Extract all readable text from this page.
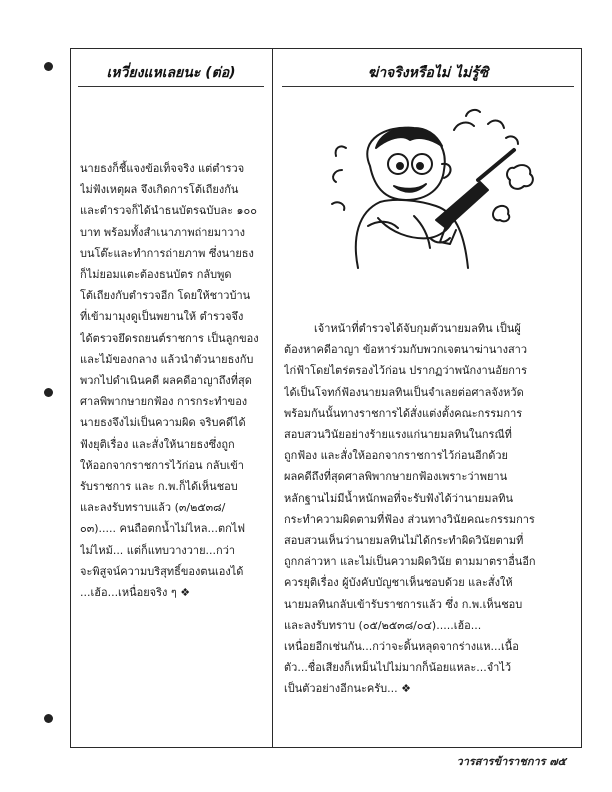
เหวี่ยงแหเลยนะ (ต่อ)	ฆ่าจริงหรือไม่ ไม่รู้ซิ
นายธงก็ชี้แจงข้อเท็จจริง แต่ตำรวจ
ไม่ฟังเหตุผล จึงเกิดการโต้เถียงกัน
และตำรวจก็ได้นำธนบัตรฉบับละ ๑๐๐
บาท พร้อมทั้งสำเนาภาพถ่ายมาวาง
บนโต๊ะและทำการถ่ายภาพ ซึ่งนายธง
ก็ไม่ยอมแตะต้องธนบัตร กลับพูด
โต้เถียงกับตำรวจอีก โดยให้ชาวบ้าน
ที่เข้ามามุงดูเป็นพยานให้ ตำรวจจึง
ได้ตรวจยึดรถยนต์ราชการ เป็นลูกของ
และไม้ของกลาง แล้วนำตัวนายธงกับ
พวกไปดำเนินคดี ผลคดีอาญาถึงที่สุด
ศาลพิพากษายกฟ้อง การกระทำของ
นายธงจึงไม่เป็นความผิด จริบคดีได้
ฟังยุติเรื่อง และสั่งให้นายธงซึ่งถูก
ให้ออกจากราชการไว้ก่อน กลับเข้า
รับราชการ และ ก.พ.ก็ได้เห็นชอบ
และลงรับทราบแล้ว (๓/๒๕๓๘/
๐๓)..... คนถือตกน้ำไม่ไหล...ตกไฟ
ไม่ไหม้... แต่ก็แทบวางวาย...กว่า
จะพิสูจน์ความบริสุทธิ์ของตนเองได้
...เฮ้อ...เหนื่อยจริง ๆ ❖
เจ้าหน้าที่ตำรวจได้จับกุมตัวนายมลทิน เป็นผู้
ต้องหาคดีอาญา ข้อหาร่วมกับพวกเจตนาฆ่านางสาว
ไก่ฟ้าโดยไตร่ตรองไว้ก่อน ปรากฏว่าพนักงานอัยการ
ได้เป็นโจทก์ฟ้องนายมลทินเป็นจำเลยต่อศาลจังหวัด
พร้อมกันนั้นทางราชการได้สั่งแต่งตั้งคณะกรรมการ
สอบสวนวินัยอย่างร้ายแรงแก่นายมลทินในกรณีที่
ถูกฟ้อง และสั่งให้ออกจากราชการไว้ก่อนอีกด้วย
ผลคดีถึงที่สุดศาลพิพากษายกฟ้องเพราะว่าพยาน
หลักฐานไม่มีน้ำหนักพอที่จะรับฟังได้ว่านายมลทิน
กระทำความผิดตามที่ฟ้อง ส่วนทางวินัยคณะกรรมการ
สอบสวนเห็นว่านายมลทินไม่ได้กระทำผิดวินัยตามที่
ถูกกล่าวหา และไม่เป็นความผิดวินัย ตามมาตราอื่นอีก
ควรยุติเรื่อง ผู้บังคับบัญชาเห็นชอบด้วย และสั่งให้
นายมลทินกลับเข้ารับราชการแล้ว ซึ่ง ก.พ.เห็นชอบ
และลงรับทราบ (๐๕/๒๕๓๘/๐๔).....เฮ้อ...
เหนื่อยอีกเช่นกัน...กว่าจะดิ้นหลุดจากร่างแห...เนื้อ
ตัว...ชื่อเสียงก็เหม็นไปไม่มากก็น้อยแหละ...จำไว้
เป็นตัวอย่างอีกนะครับ... ❖
วารสารข้าราชการ ๗๕
